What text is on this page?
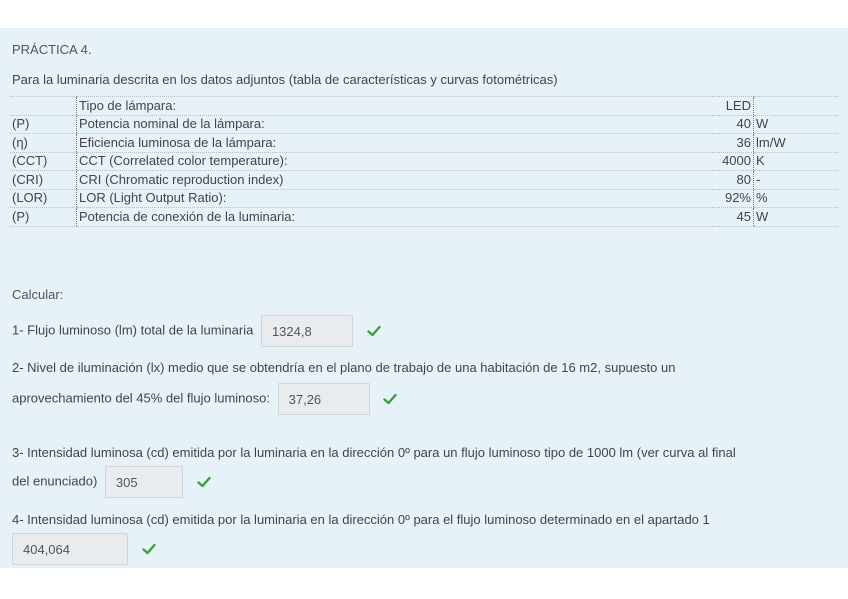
PRÁCTICA 4.
Para la luminaria descrita en los datos adjuntos (tabla de características y curvas fotométricas)
	Tipo de lámpara:	LED	
(P)	Potencia nominal de la lámpara:	40	W
(η)	Eficiencia luminosa de la lámpara:	36	lm/W
(CCT)	CCT (Correlated color temperature):	4000	K
(CRI)	CRI (Chromatic reproduction index)	80	-
(LOR)	LOR (Light Output Ratio):	92%	%
(P)	Potencia de conexión de la luminaria:	45	W
Calcular:
1- Flujo luminoso (lm) total de la luminaria 1324,8
2- Nivel de iluminación (lx) medio que se obtendría en el plano de trabajo de una habitación de 16 m2, supuesto un
aprovechamiento del 45% del flujo luminoso: 37,26
3- Intensidad luminosa (cd) emitida por la luminaria en la dirección 0º para un flujo luminoso tipo de 1000 lm (ver curva al final
del enunciado) 305
4- Intensidad luminosa (cd) emitida por la luminaria en la dirección 0º para el flujo luminoso determinado en el apartado 1
404,064
